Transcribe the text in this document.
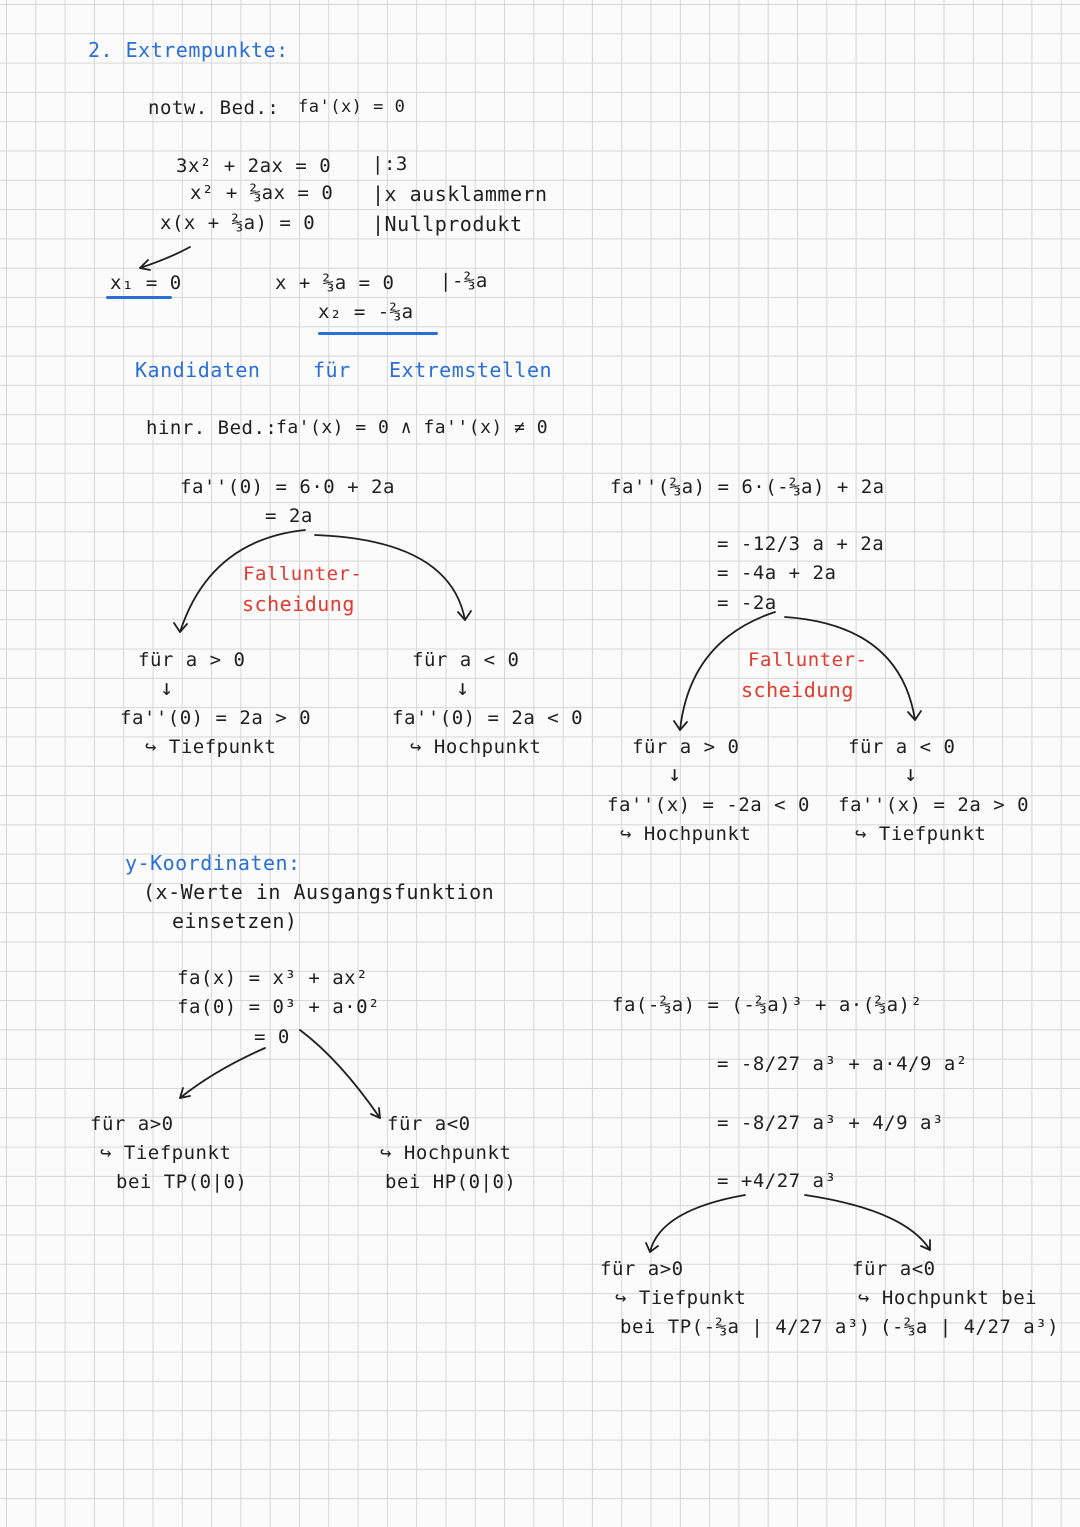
2. Extrempunkte:
notw. Bed.: fa'(x) = 0
3x² + 2ax = 0
x² + ⅔ax = 0
x(x + ⅔a) = 0
|:3
|x ausklammern
|Nullprodukt
x₁ = 0	x + ⅔a = 0 |-⅔a
x₂ = -⅔a
Kandidaten	für Extremstellen
hinr. Bed.:
fa'(x) = 0 ∧ fa''(x) ≠ 0
fa''(0) = 6·0 + 2a
= 2a
Fallunter-
scheidung
für a > 0
↓
fa''(0) = 2a > 0
↪ Tiefpunkt
für a < 0
↓
fa''(0) = 2a < 0
↪ Hochpunkt
fa''(⅔a) = 6·(-⅔a) + 2a
= -12/3 a + 2a
= -4a + 2a
= -2a
Fallunter-
scheidung
für a > 0
↓
fa''(x) = -2a < 0
↪ Hochpunkt
für a < 0
↓
fa''(x) = 2a > 0
↪ Tiefpunkt
y-Koordinaten:
(x-Werte in Ausgangsfunktion
einsetzen)
fa(x) = x³ + ax²
fa(0) = 0³ + a·0²
= 0
für a>0
↪ Tiefpunkt
bei TP(0|0)
für a<0
↪ Hochpunkt
bei HP(0|0)
fa(-⅔a) = (-⅔a)³ + a·(⅔a)²
= -8/27 a³ + a·4/9 a²
= -8/27 a³ + 4/9 a³
= +4/27 a³
für a>0
↪ Tiefpunkt
bei TP(-⅔a | 4/27 a³)
für a<0
↪ Hochpunkt bei
(-⅔a | 4/27 a³)
